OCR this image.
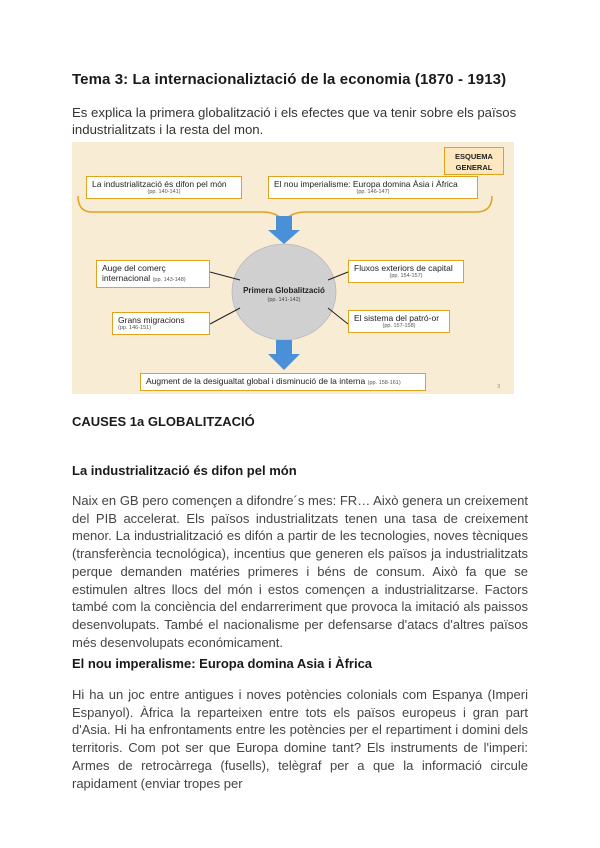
Tema 3: La internacionaliztació de la economia (1870 - 1913)
Es explica la primera globalització i els efectes que va tenir sobre els països industrialitzats i la resta del mon.
ESQUEMA
GENERAL
La industrialització és difon pel món
(pp. 140-141)
El nou imperialisme: Europa domina Àsia i Àfrica
(pp. 146-147)
Auge del comerç
internacional (pp. 143-148)
Grans migracions
(pp. 146-151)
Fluxos exteriors de capital
(pp. 154-157)
El sistema del patró-or
(pp. 157-158)
Primera Globalització
(pp. 141-142)
Augment de la desigualtat global i disminució de la interna (pp. 158-161)
3
CAUSES 1a GLOBALITZACIÓ
La industrialització és difon pel món
Naix en GB pero començen a difondre´s mes: FR… Això genera un creixement del PIB accelerat. Els països industrialitzats tenen una tasa de creixement menor. La industrialització es difón a partir de les tecnologies, noves tècniques (transferència tecnológica), incentius que generen els països ja industrialitzats perque demanden matéries primeres i béns de consum. Això fa que se estimulen altres llocs del món i estos començen a industrialitzarse. Factors també com la conciència del endarreriment que provoca la imitació als paissos desenvolupats. També el nacionalisme per defensarse d'atacs d'altres països més desenvolupats económicament.
El nou imperalisme: Europa domina Asia i Àfrica
Hi ha un joc entre antigues i noves potències colonials com Espanya (Imperi Espanyol). Àfrica la reparteixen entre tots els països europeus i gran part d'Asia. Hi ha enfrontaments entre les potències per el repartiment i domini dels territoris. Com pot ser que Europa domine tant? Els instruments de l'imperi: Armes de retrocàrrega (fusells), telègraf per a que la informació circule rapidament (enviar tropes per
